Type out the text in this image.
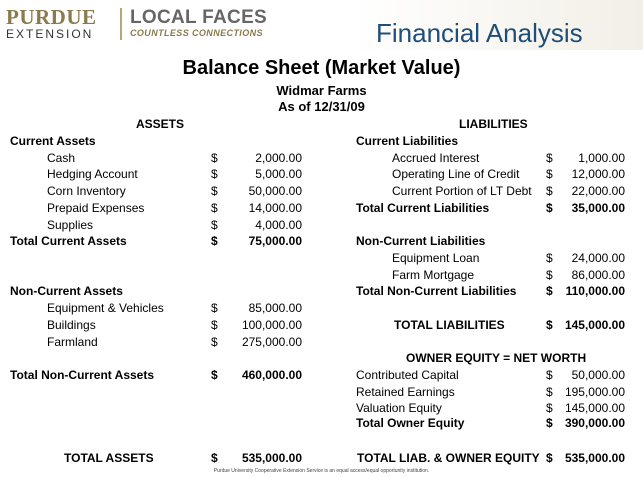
PURDUE
EXTENSION
LOCAL FACES
COUNTLESS CONNECTIONS	Financial Analysis
Balance Sheet (Market Value)
Widmar Farms
As of 12/31/09
ASSETS	LIABILITIES
Current Assets
Cash	$	2,000.00
Hedging Account	$	5,000.00
Corn Inventory	$	50,000.00
Prepaid Expenses	$	14,000.00
Supplies	$	4,000.00
Total Current Assets	$	75,000.00
Non-Current Assets
Equipment & Vehicles	$	85,000.00
Buildings	$	100,000.00
Farmland	$	275,000.00
Total Non-Current Assets	$	460,000.00
TOTAL ASSETS	$	535,000.00
Current Liabilities
Accrued Interest	$	1,000.00
Operating Line of Credit $	12,000.00
Current Portion of LT Debt $	22,000.00
Total Current Liabilities	$	35,000.00
Non-Current Liabilities
Equipment Loan	$	24,000.00
Farm Mortgage	$	86,000.00
Total Non-Current Liabilities $	110,000.00
TOTAL LIABILITIES	$	145,000.00
OWNER EQUITY = NET WORTH
Contributed Capital	$	50,000.00
Retained Earnings	$	195,000.00
Valuation Equity	$	145,000.00
Total Owner Equity	$	390,000.00
TOTAL LIAB. & OWNER EQUITY $	535,000.00
Purdue University Cooperative Extension Service is an equal access/equal opportunity institution.
